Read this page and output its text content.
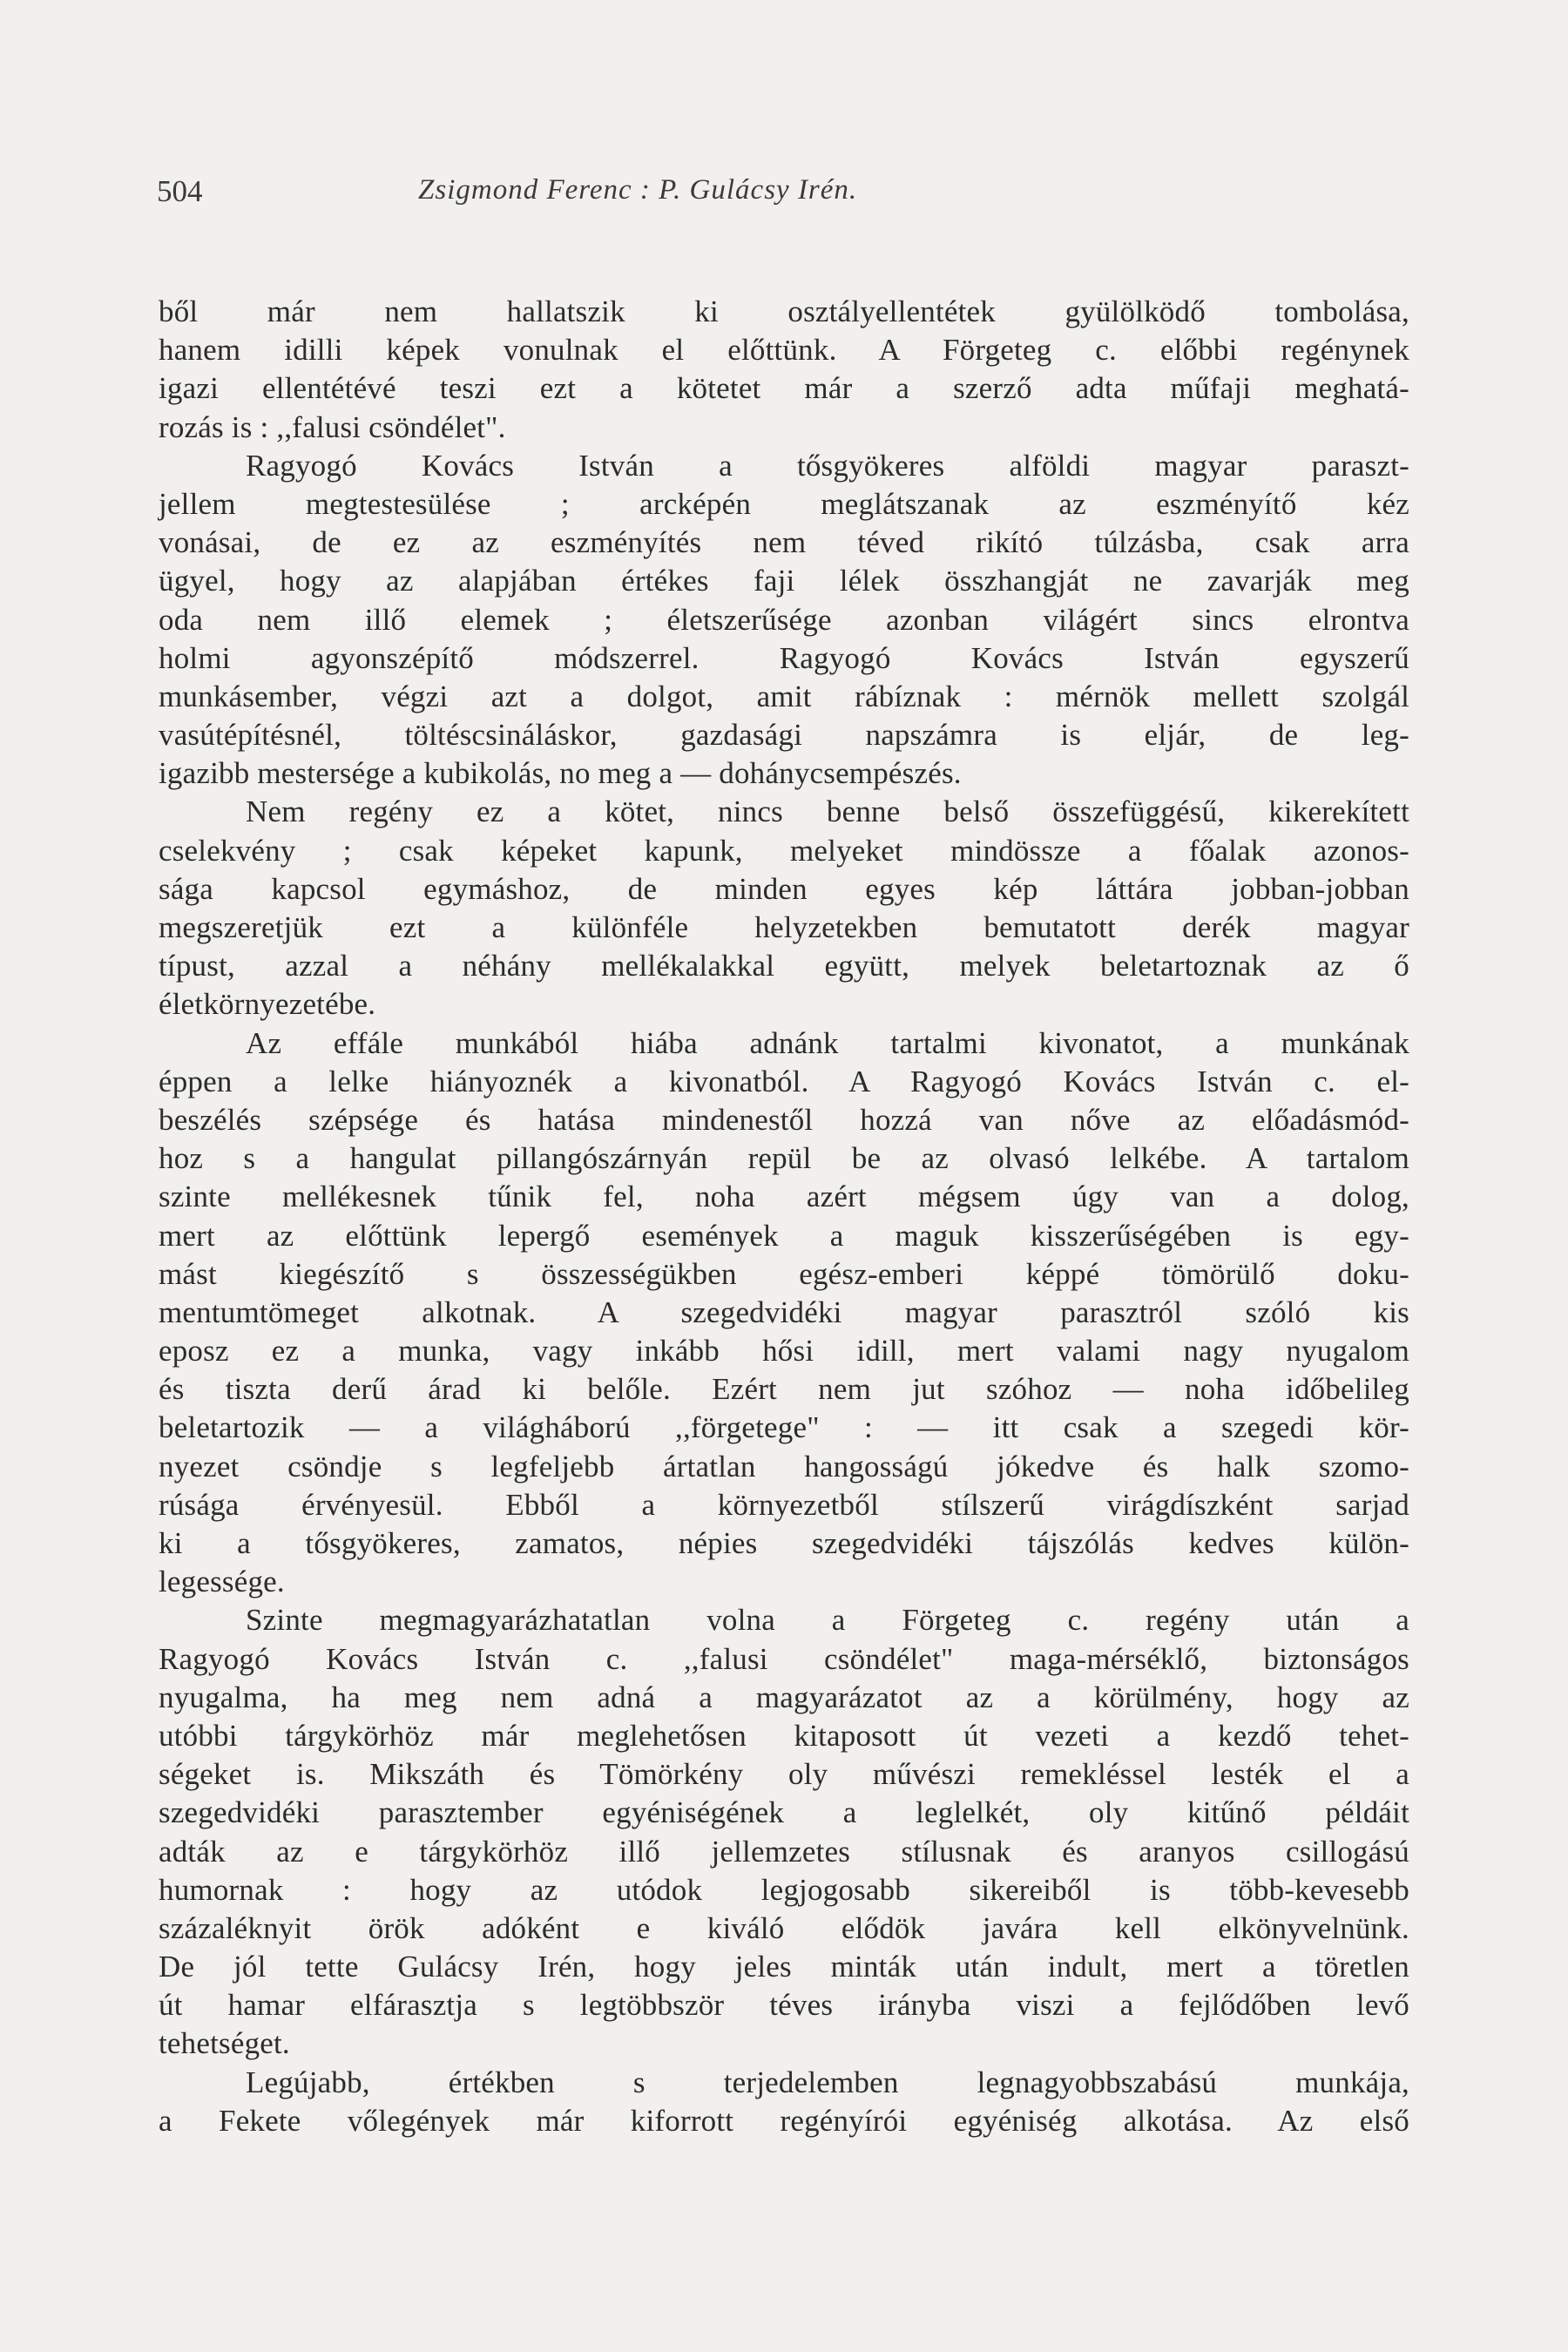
504	Zsigmond Ferenc : P. Gulácsy Irén.
ből már nem hallatszik ki osztályellentétek gyülölködő tombolása,
hanem idilli képek vonulnak el előttünk. A Förgeteg c. előbbi regénynek
igazi ellentétévé teszi ezt a kötetet már a szerző adta műfaji meghatá-
rozás is : ,,falusi csöndélet".
Ragyogó Kovács István a tősgyökeres alföldi magyar paraszt-
jellem megtestesülése ; arcképén meglátszanak az eszményítő kéz
vonásai, de ez az eszményítés nem téved rikító túlzásba, csak arra
ügyel, hogy az alapjában értékes faji lélek összhangját ne zavarják meg
oda nem illő elemek ; életszerűsége azonban világért sincs elrontva
holmi agyonszépítő módszerrel. Ragyogó Kovács István egyszerű
munkásember, végzi azt a dolgot, amit rábíznak : mérnök mellett szolgál
vasútépítésnél, töltéscsináláskor, gazdasági napszámra is eljár, de leg-
igazibb mestersége a kubikolás, no meg a — dohánycsempészés.
Nem regény ez a kötet, nincs benne belső összefüggésű, kikerekített
cselekvény ; csak képeket kapunk, melyeket mindössze a főalak azonos-
sága kapcsol egymáshoz, de minden egyes kép láttára jobban-jobban
megszeretjük ezt a különféle helyzetekben bemutatott derék magyar
típust, azzal a néhány mellékalakkal együtt, melyek beletartoznak az ő
életkörnyezetébe.
Az effále munkából hiába adnánk tartalmi kivonatot, a munkának
éppen a lelke hiányoznék a kivonatból. A Ragyogó Kovács István c. el-
beszélés szépsége és hatása mindenestől hozzá van nőve az előadásmód-
hoz s a hangulat pillangószárnyán repül be az olvasó lelkébe. A tartalom
szinte mellékesnek tűnik fel, noha azért mégsem úgy van a dolog,
mert az előttünk lepergő események a maguk kisszerűségében is egy-
mást kiegészítő s összességükben egész-emberi képpé tömörülő doku-
mentumtömeget alkotnak. A szegedvidéki magyar parasztról szóló kis
eposz ez a munka, vagy inkább hősi idill, mert valami nagy nyugalom
és tiszta derű árad ki belőle. Ezért nem jut szóhoz — noha időbelileg
beletartozik — a világháború ,,förgetege" : — itt csak a szegedi kör-
nyezet csöndje s legfeljebb ártatlan hangosságú jókedve és halk szomo-
rúsága érvényesül. Ebből a környezetből stílszerű virágdíszként sarjad
ki a tősgyökeres, zamatos, népies szegedvidéki tájszólás kedves külön-
legessége.
Szinte megmagyarázhatatlan volna a Förgeteg c. regény után a
Ragyogó Kovács István c. ,,falusi csöndélet" maga-mérséklő, biztonságos
nyugalma, ha meg nem adná a magyarázatot az a körülmény, hogy az
utóbbi tárgykörhöz már meglehetősen kitaposott út vezeti a kezdő tehet-
ségeket is. Mikszáth és Tömörkény oly művészi remekléssel lesték el a
szegedvidéki parasztember egyéniségének a leglelkét, oly kitűnő példáit
adták az e tárgykörhöz illő jellemzetes stílusnak és aranyos csillogású
humornak : hogy az utódok legjogosabb sikereiből is több-kevesebb
százaléknyit örök adóként e kiváló elődök javára kell elkönyvelnünk.
De jól tette Gulácsy Irén, hogy jeles minták után indult, mert a töretlen
út hamar elfárasztja s legtöbbször téves irányba viszi a fejlődőben levő
tehetséget.
Legújabb, értékben s terjedelemben legnagyobbszabású munkája,
a Fekete vőlegények már kiforrott regényírói egyéniség alkotása. Az első
